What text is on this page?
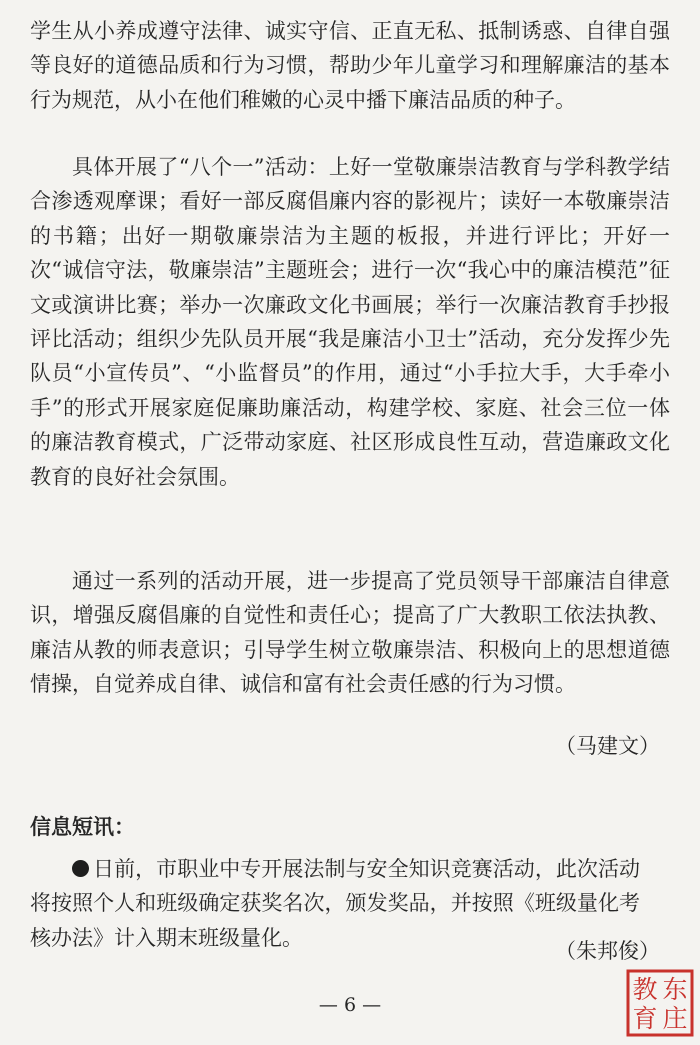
学生从小养成遵守法律、诚实守信、正直无私、抵制诱惑、自律自强等良好的道德品质和行为习惯，帮助少年儿童学习和理解廉洁的基本行为规范，从小在他们稚嫩的心灵中播下廉洁品质的种子。

具体开展了“八个一”活动：上好一堂敬廉崇洁教育与学科教学结合渗透观摩课；看好一部反腐倡廉内容的影视片；读好一本敬廉崇洁的书籍；出好一期敬廉崇洁为主题的板报，并进行评比；开好一次“诚信守法，敬廉崇洁”主题班会；进行一次“我心中的廉洁模范”征文或演讲比赛；举办一次廉政文化书画展；举行一次廉洁教育手抄报评比活动；组织少先队员开展“我是廉洁小卫士”活动，充分发挥少先队员“小宣传员”、“小监督员”的作用，通过“小手拉大手，大手牵小手”的形式开展家庭促廉助廉活动，构建学校、家庭、社会三位一体的廉洁教育模式，广泛带动家庭、社区形成良性互动，营造廉政文化教育的良好社会氛围。

通过一系列的活动开展，进一步提高了党员领导干部廉洁自律意识，增强反腐倡廉的自觉性和责任心；提高了广大教职工依法执教、廉洁从教的师表意识；引导学生树立敬廉崇洁、积极向上的思想道德情操，自觉养成自律、诚信和富有社会责任感的行为习惯。

（马建文）
信息短讯：

日前，市职业中专开展法制与安全知识竞赛活动，此次活动将按照个人和班级确定获奖名次，颁发奖品，并按照《班级量化考核办法》计入期末班级量化。

（朱邦俊）
— 6 —
东
庄
教
育
